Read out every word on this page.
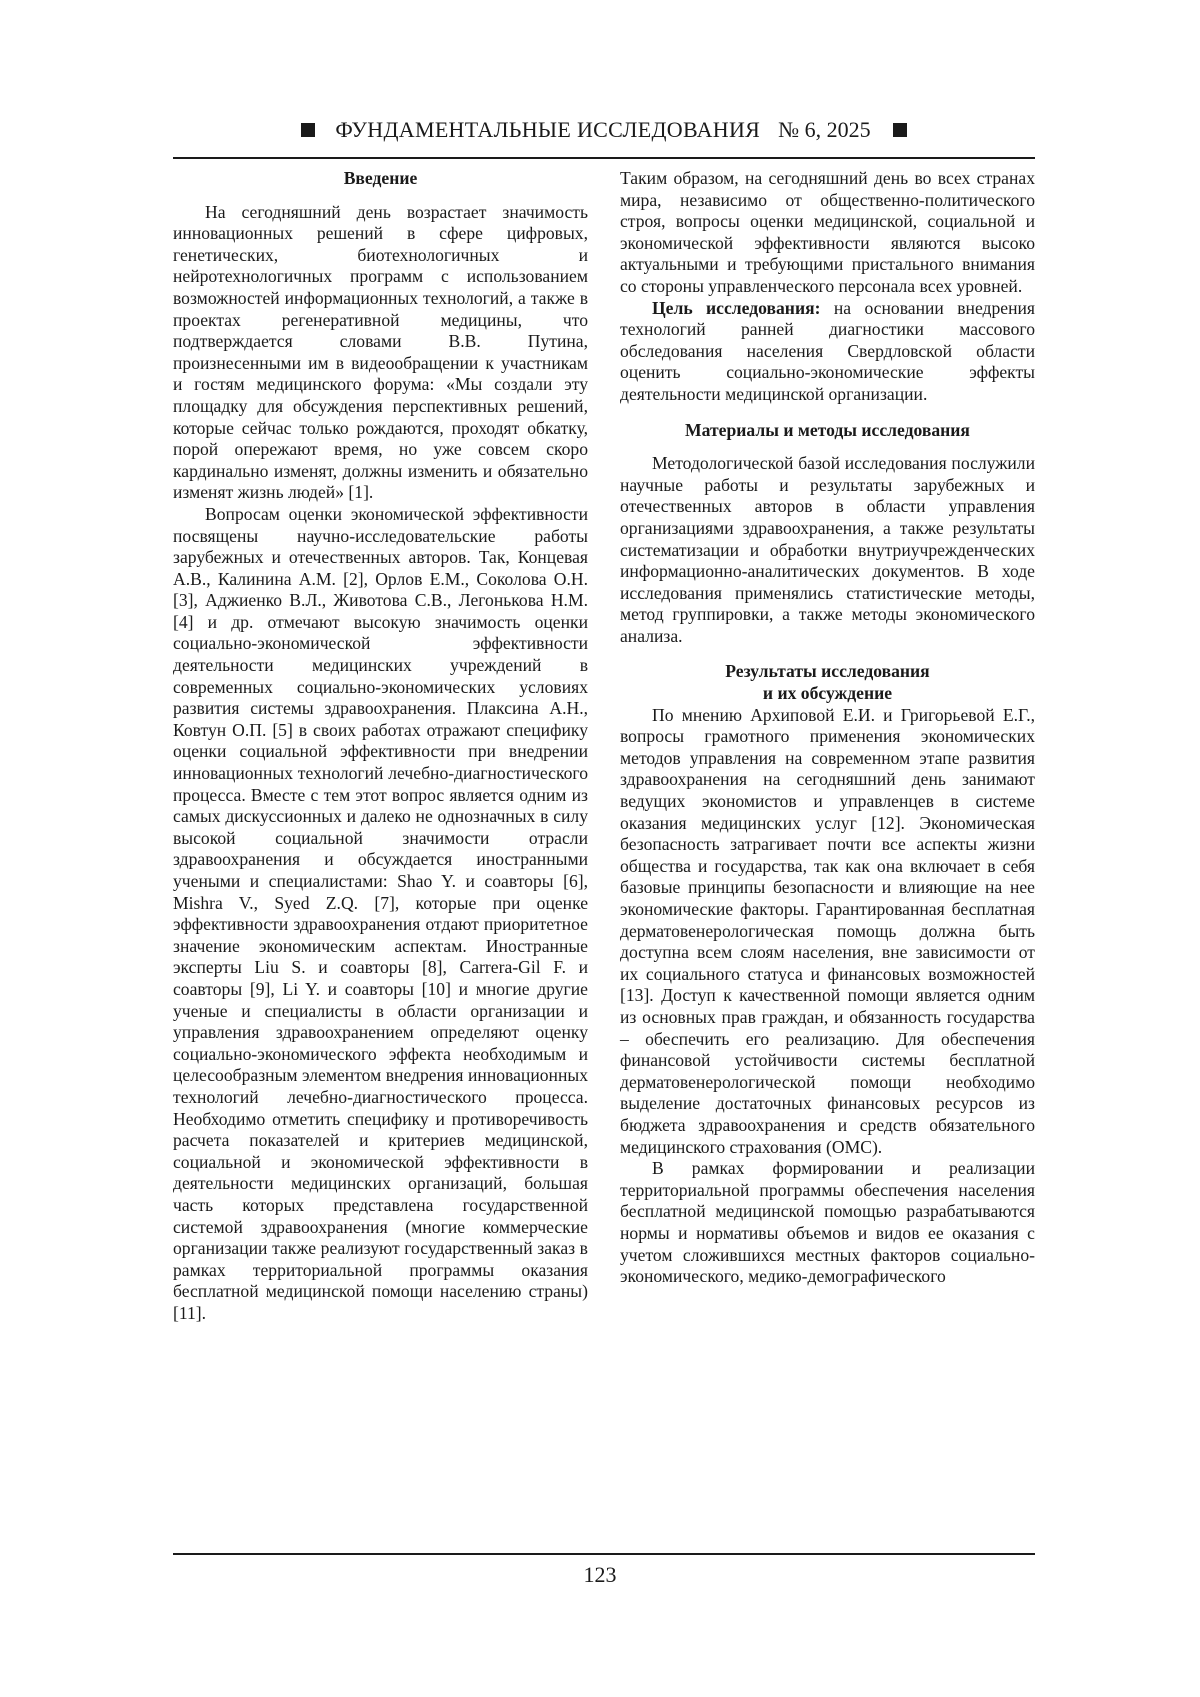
ФУНДАМЕНТАЛЬНЫЕ ИССЛЕДОВАНИЯ № 6, 2025
Введение

На сегодняшний день возрастает значимость инновационных решений в сфере цифровых, генетических, биотехнологичных и нейротехнологичных программ с использованием возможностей информационных технологий, а также в проектах регенеративной медицины, что подтверждается словами В.В. Путина, произнесенными им в видеообращении к участникам и гостям медицинского форума: «Мы создали эту площадку для обсуждения перспективных решений, которые сейчас только рождаются, проходят обкатку, порой опережают время, но уже совсем скоро кардинально изменят, должны изменить и обязательно изменят жизнь людей» [1].

Вопросам оценки экономической эффективности посвящены научно-исследовательские работы зарубежных и отечественных авторов. Так, Концевая А.В., Калинина А.М. [2], Орлов Е.М., Соколова О.Н. [3], Аджиенко В.Л., Животова С.В., Легонькова Н.М. [4] и др. отмечают высокую значимость оценки социально-экономической эффективности деятельности медицинских учреждений в современных социально-экономических условиях развития системы здравоохранения. Плаксина А.Н., Ковтун О.П. [5] в своих работах отражают специфику оценки социальной эффективности при внедрении инновационных технологий лечебно-диагностического процесса. Вместе с тем этот вопрос является одним из самых дискуссионных и далеко не однозначных в силу высокой социальной значимости отрасли здравоохранения и обсуждается иностранными учеными и специалистами: Shao Y. и соавторы [6], Mishra V., Syed Z.Q. [7], которые при оценке эффективности здравоохранения отдают приоритетное значение экономическим аспектам. Иностранные эксперты Liu S. и соавторы [8], Carrera-Gil F. и соавторы [9], Li Y. и соавторы [10] и многие другие ученые и специалисты в области организации и управления здравоохранением определяют оценку социально-экономического эффекта необходимым и целесообразным элементом внедрения инновационных технологий лечебно-диагностического процесса. Необходимо отметить специфику и противоречивость расчета показателей и критериев медицинской, социальной и экономической эффективности в деятельности медицинских организаций, большая часть которых представлена государственной системой здравоохранения (многие коммерческие организации также реализуют государственный заказ в рамках территориальной программы оказания бесплатной медицинской помощи населению страны) [11].

Таким образом, на сегодняшний день во всех странах мира, независимо от общественно-политического строя, вопросы оценки медицинской, социальной и экономической эффективности являются высоко актуальными и требующими пристального внимания со стороны управленческого персонала всех уровней.

Цель исследования: на основании внедрения технологий ранней диагностики массового обследования населения Свердловской области оценить социально-экономические эффекты деятельности медицинской организации.

Материалы и методы исследования

Методологической базой исследования послужили научные работы и результаты зарубежных и отечественных авторов в области управления организациями здравоохранения, а также результаты систематизации и обработки внутриучрежденческих информационно-аналитических документов. В ходе исследования применялись статистические методы, метод группировки, а также методы экономического анализа.

Результаты исследования
и их обсуждение

По мнению Архиповой Е.И. и Григорьевой Е.Г., вопросы грамотного применения экономических методов управления на современном этапе развития здравоохранения на сегодняшний день занимают ведущих экономистов и управленцев в системе оказания медицинских услуг [12]. Экономическая безопасность затрагивает почти все аспекты жизни общества и государства, так как она включает в себя базовые принципы безопасности и влияющие на нее экономические факторы. Гарантированная бесплатная дерматовенерологическая помощь должна быть доступна всем слоям населения, вне зависимости от их социального статуса и финансовых возможностей [13]. Доступ к качественной помощи является одним из основных прав граждан, и обязанность государства – обеспечить его реализацию. Для обеспечения финансовой устойчивости системы бесплатной дерматовенерологической помощи необходимо выделение достаточных финансовых ресурсов из бюджета здравоохранения и средств обязательного медицинского страхования (ОМС).

В рамках формировании и реализации территориальной программы обеспечения населения бесплатной медицинской помощью разрабатываются нормы и нормативы объемов и видов ее оказания с учетом сложившихся местных факторов социально-экономического, медико-демографического

123
